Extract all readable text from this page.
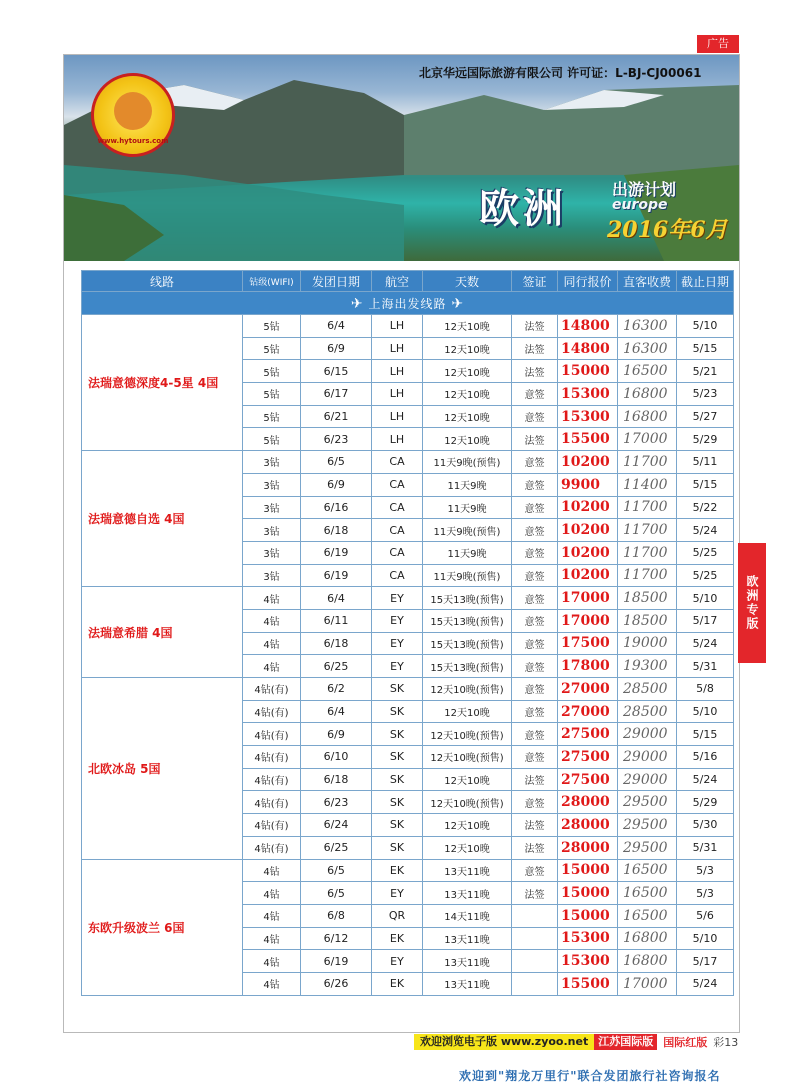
广告
北京华远国际旅游有限公司 许可证：L-BJ-CJ00061
www.hytours.com
欧洲	出游计划
europe
2016年6月
线路	钻级(WIFI)	发团日期	航空	天数	签证	同行报价	直客收费	截止日期
✈ 上海出发线路 ✈								
法瑞意德深度4-5星 4国	5钻	6/4	LH	12天10晚	法签	14800	16300	5/10
	5钻	6/9	LH	12天10晚	法签	14800	16300	5/15
	5钻	6/15	LH	12天10晚	法签	15000	16500	5/21
	5钻	6/17	LH	12天10晚	意签	15300	16800	5/23
	5钻	6/21	LH	12天10晚	意签	15300	16800	5/27
	5钻	6/23	LH	12天10晚	法签	15500	17000	5/29
法瑞意德自选 4国	3钻	6/5	CA	11天9晚(预售)	意签	10200	11700	5/11
	3钻	6/9	CA	11天9晚	意签	9900	11400	5/15
	3钻	6/16	CA	11天9晚	意签	10200	11700	5/22
	3钻	6/18	CA	11天9晚(预售)	意签	10200	11700	5/24
	3钻	6/19	CA	11天9晚	意签	10200	11700	5/25
	3钻	6/19	CA	11天9晚(预售)	意签	10200	11700	5/25
法瑞意希腊 4国	4钻	6/4	EY	15天13晚(预售)	意签	17000	18500	5/10
	4钻	6/11	EY	15天13晚(预售)	意签	17000	18500	5/17
	4钻	6/18	EY	15天13晚(预售)	意签	17500	19000	5/24
	4钻	6/25	EY	15天13晚(预售)	意签	17800	19300	5/31
北欧冰岛 5国	4钻(有)	6/2	SK	12天10晚(预售)	意签	27000	28500	5/8
	4钻(有)	6/4	SK	12天10晚	意签	27000	28500	5/10
	4钻(有)	6/9	SK	12天10晚(预售)	意签	27500	29000	5/15
	4钻(有)	6/10	SK	12天10晚(预售)	意签	27500	29000	5/16
	4钻(有)	6/18	SK	12天10晚	法签	27500	29000	5/24
	4钻(有)	6/23	SK	12天10晚(预售)	意签	28000	29500	5/29
	4钻(有)	6/24	SK	12天10晚	法签	28000	29500	5/30
	4钻(有)	6/25	SK	12天10晚	法签	28000	29500	5/31
东欧升级波兰 6国	4钻	6/5	EK	13天11晚	意签	15000	16500	5/3
	4钻	6/5	EY	13天11晚	法签	15000	16500	5/3
	4钻	6/8	QR	14天11晚		15000	16500	5/6
	4钻	6/12	EK	13天11晚		15300	16800	5/10
	4钻	6/19	EY	13天11晚		15300	16800	5/17
	4钻	6/26	EK	13天11晚		15500	17000	5/24
欢迎到"翔龙万里行"联合发团旅行社咨询报名
欢迎浏览电子版 www.zyoo.net 江苏国际版 国际红版 彩13
欧洲专版
